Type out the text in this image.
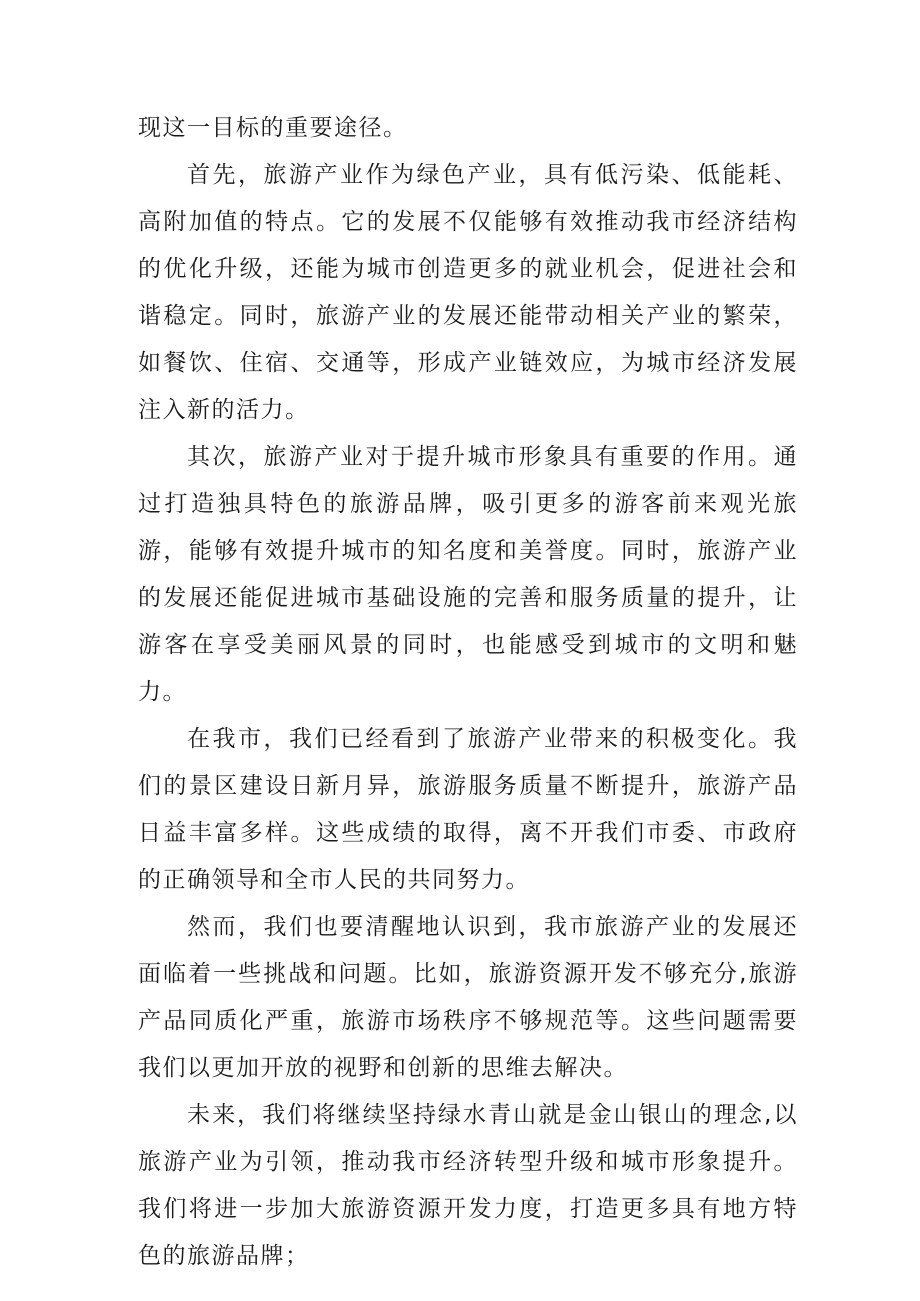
现这一目标的重要途径。

首先，旅游产业作为绿色产业，具有低污染、低能耗、高附加值的特点。它的发展不仅能够有效推动我市经济结构的优化升级，还能为城市创造更多的就业机会，促进社会和谐稳定。同时，旅游产业的发展还能带动相关产业的繁荣，如餐饮、住宿、交通等，形成产业链效应，为城市经济发展注入新的活力。

其次，旅游产业对于提升城市形象具有重要的作用。通过打造独具特色的旅游品牌，吸引更多的游客前来观光旅游，能够有效提升城市的知名度和美誉度。同时，旅游产业的发展还能促进城市基础设施的完善和服务质量的提升，让游客在享受美丽风景的同时，也能感受到城市的文明和魅力。

在我市，我们已经看到了旅游产业带来的积极变化。我们的景区建设日新月异，旅游服务质量不断提升，旅游产品日益丰富多样。这些成绩的取得，离不开我们市委、市政府的正确领导和全市人民的共同努力。

然而，我们也要清醒地认识到，我市旅游产业的发展还面临着一些挑战和问题。比如，旅游资源开发不够充分,旅游产品同质化严重，旅游市场秩序不够规范等。这些问题需要我们以更加开放的视野和创新的思维去解决。

未来，我们将继续坚持绿水青山就是金山银山的理念,以旅游产业为引领，推动我市经济转型升级和城市形象提升。我们将进一步加大旅游资源开发力度，打造更多具有地方特色的旅游品牌；
